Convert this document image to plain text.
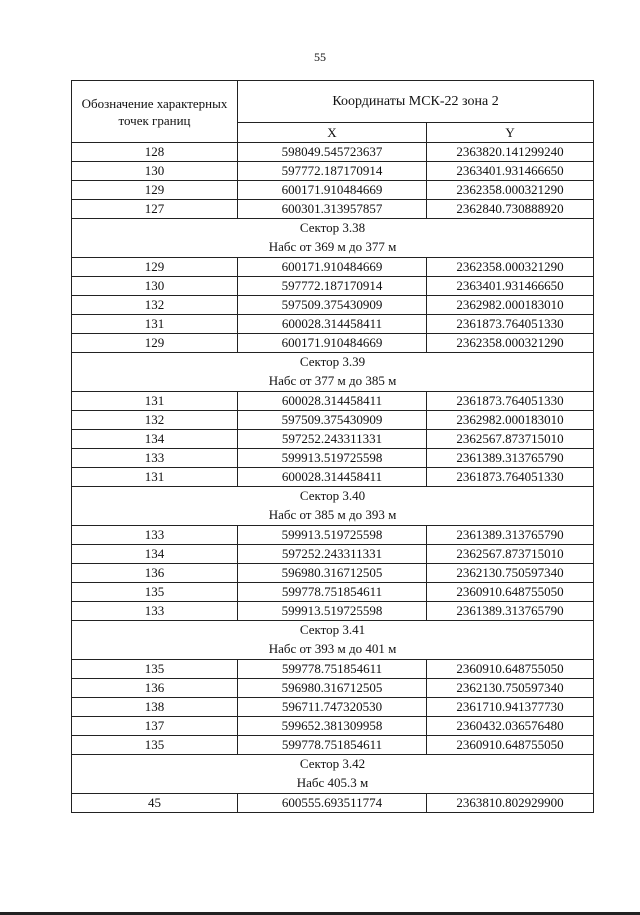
55
Обозначение характерных точек границ	Координаты МСК-22 зона 2	
	X	Y
128	598049.545723637	2363820.141299240
130	597772.187170914	2363401.931466650
129	600171.910484669	2362358.000321290
127	600301.313957857	2362840.730888920
Сектор 3.38		
Набс от 369 м до 377 м		
129	600171.910484669	2362358.000321290
130	597772.187170914	2363401.931466650
132	597509.375430909	2362982.000183010
131	600028.314458411	2361873.764051330
129	600171.910484669	2362358.000321290
Сектор 3.39		
Набс от 377 м до 385 м		
131	600028.314458411	2361873.764051330
132	597509.375430909	2362982.000183010
134	597252.243311331	2362567.873715010
133	599913.519725598	2361389.313765790
131	600028.314458411	2361873.764051330
Сектор 3.40		
Набс от 385 м до 393 м		
133	599913.519725598	2361389.313765790
134	597252.243311331	2362567.873715010
136	596980.316712505	2362130.750597340
135	599778.751854611	2360910.648755050
133	599913.519725598	2361389.313765790
Сектор 3.41		
Набс от 393 м до 401 м		
135	599778.751854611	2360910.648755050
136	596980.316712505	2362130.750597340
138	596711.747320530	2361710.941377730
137	599652.381309958	2360432.036576480
135	599778.751854611	2360910.648755050
Сектор 3.42		
Набс 405.3 м		
45	600555.693511774	2363810.802929900
